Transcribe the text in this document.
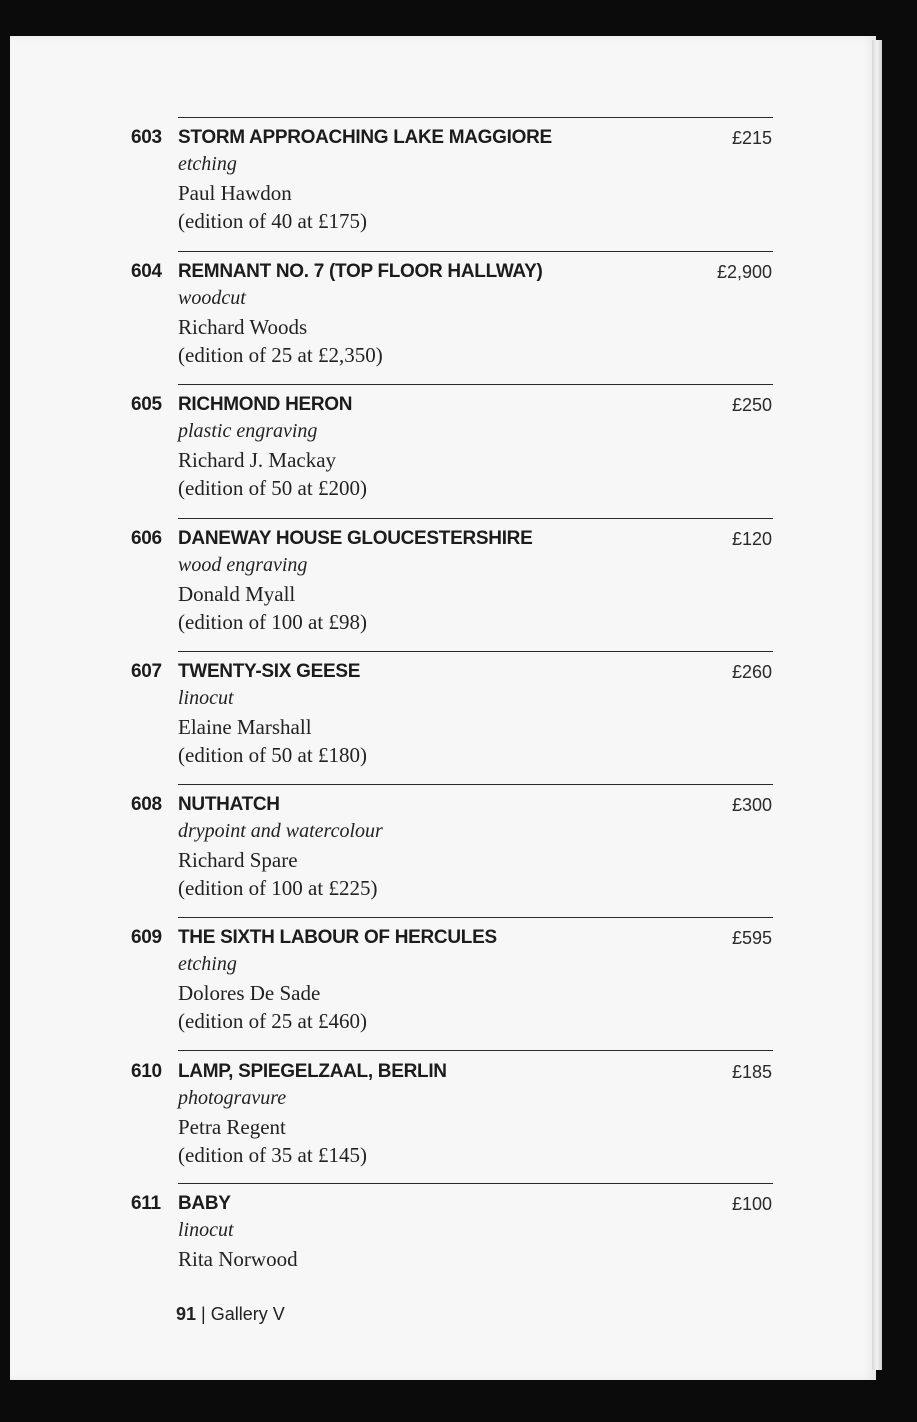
603 STORM APPROACHING LAKE MAGGIORE	£215
etching
Paul Hawdon
(edition of 40 at £175)
604 REMNANT NO. 7 (TOP FLOOR HALLWAY)	£2,900
woodcut
Richard Woods
(edition of 25 at £2,350)
605 RICHMOND HERON	£250
plastic engraving
Richard J. Mackay
(edition of 50 at £200)
606 DANEWAY HOUSE GLOUCESTERSHIRE	£120
wood engraving
Donald Myall
(edition of 100 at £98)
607 TWENTY-SIX GEESE	£260
linocut
Elaine Marshall
(edition of 50 at £180)
608 NUTHATCH	£300
drypoint and watercolour
Richard Spare
(edition of 100 at £225)
609 THE SIXTH LABOUR OF HERCULES	£595
etching
Dolores De Sade
(edition of 25 at £460)
610 LAMP, SPIEGELZAAL, BERLIN	£185
photogravure
Petra Regent
(edition of 35 at £145)
611 BABY	£100
linocut
Rita Norwood
91 | Gallery V
